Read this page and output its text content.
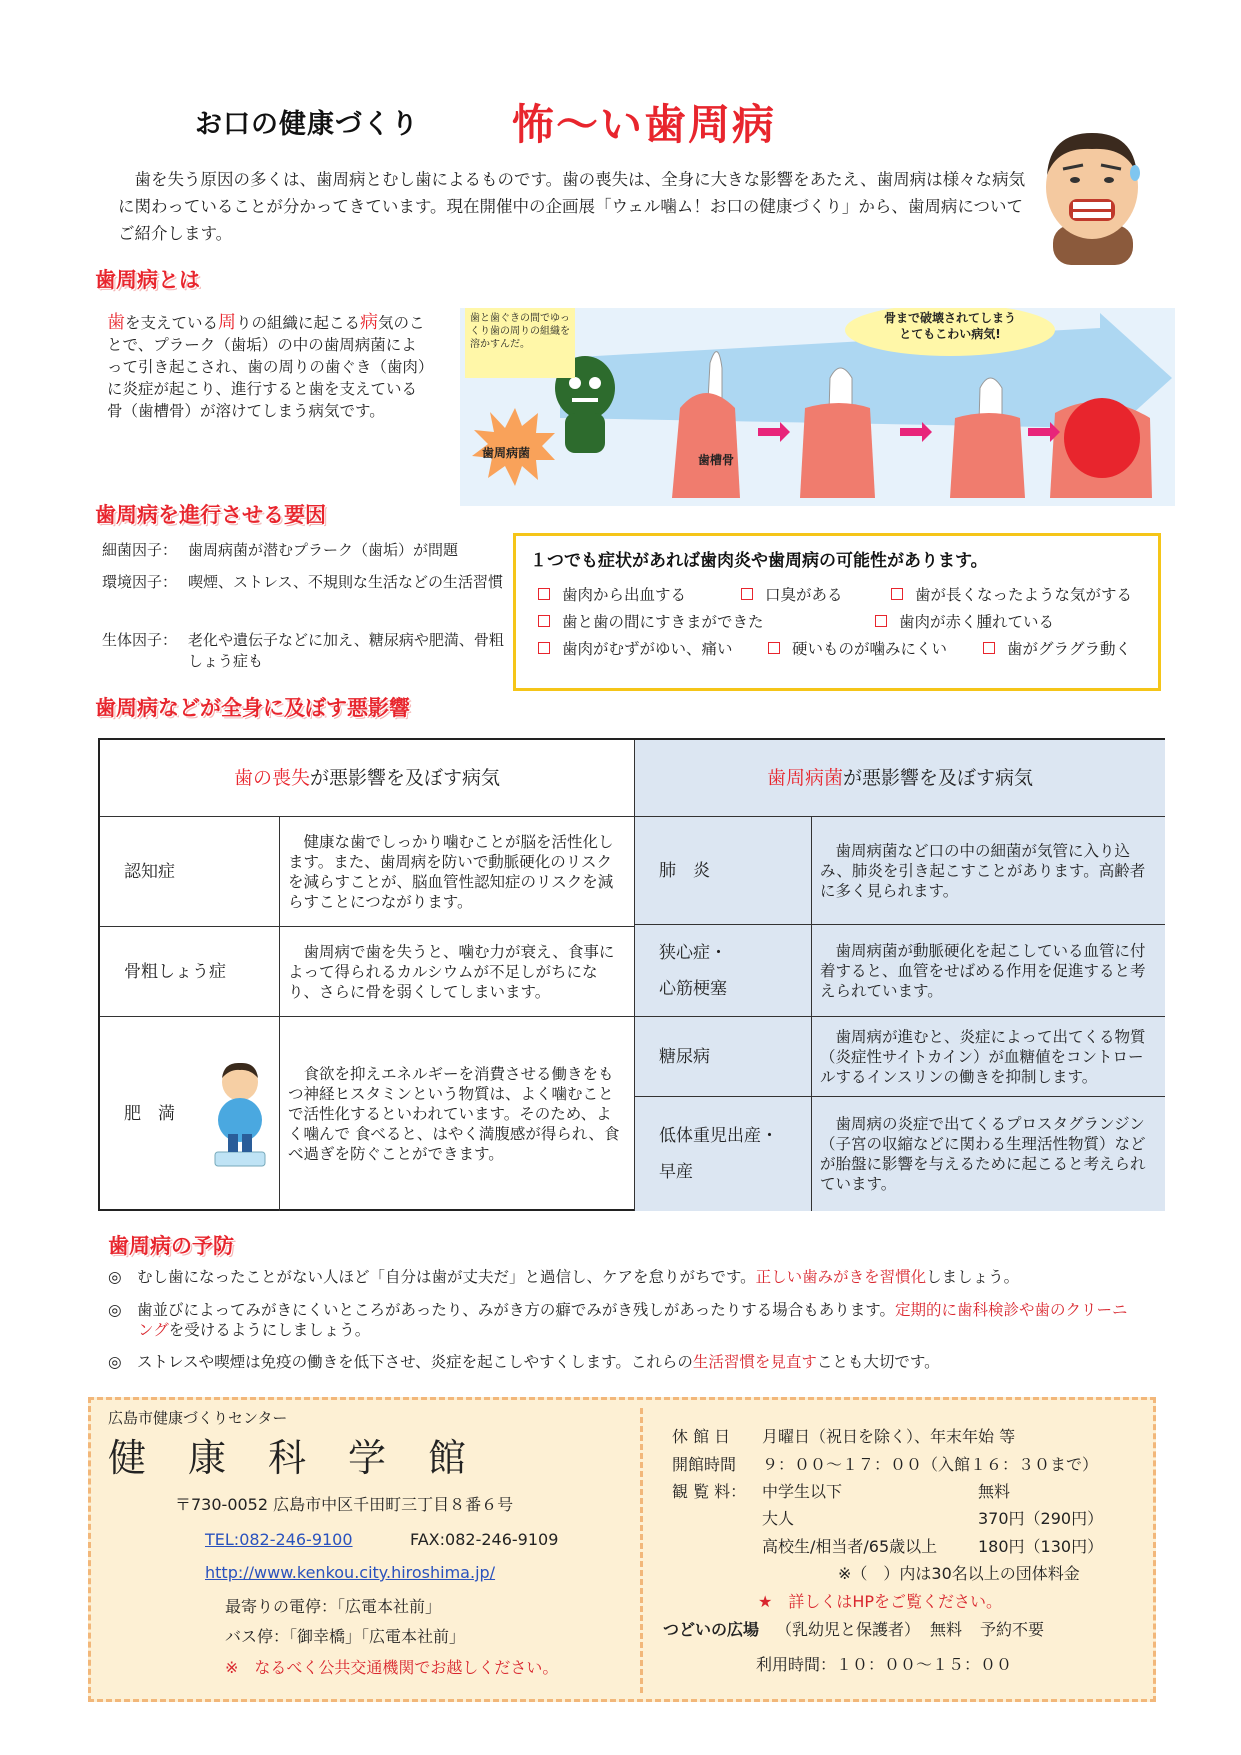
お口の健康づくり 怖～い歯周病
歯を失う原因の多くは、歯周病とむし歯によるものです。歯の喪失は、全身に大きな影響をあたえ、歯周病は様々な病気に関わっていることが分かってきています。現在開催中の企画展「ウェル噛ム！お口の健康づくり」から、歯周病についてご紹介します。
歯周病とは
歯を支えている周りの組織に起こる病気のことで、プラーク（歯垢）の中の歯周病菌によって引き起こされ、歯の周りの歯ぐき（歯肉）に炎症が起こり、進行すると歯を支えている骨（歯槽骨）が溶けてしまう病気です。
歯と歯ぐきの間でゆっくり歯の周りの組織を溶かすんだ。
骨まで破壊されてしまう
とてもこわい病気!
歯周病菌	歯槽骨
歯周病を進行させる要因
細菌因子： 歯周病菌が潜むプラーク（歯垢）が問題
環境因子： 喫煙、ストレス、不規則な生活などの生活習慣
生体因子： 老化や遺伝子などに加え、糖尿病や肥満、骨粗しょう症も
１つでも症状があれば歯肉炎や歯周病の可能性があります。
歯肉から出血する	口臭がある	歯が長くなったような気がする
歯と歯の間にすきまができた	歯肉が赤く腫れている
歯肉がむずがゆい、痛い	硬いものが噛みにくい	歯がグラグラ動く
歯周病などが全身に及ぼす悪影響
歯の喪失 が悪影響を及ぼす病気	歯周病菌 が悪影響を及ぼす病気
認知症
健康な歯でしっかり噛むことが脳を活性化します。また、歯周病を防いで動脈硬化のリスクを減らすことが、脳血管性認知症のリスクを減らすことにつながります。
骨粗しょう症
歯周病で歯を失うと、噛む力が衰え、食事によって得られるカルシウムが不足しがちになり、さらに骨を弱くしてしまいます。
肥　満
食欲を抑えエネルギーを消費させる働きをもつ神経ヒスタミンという物質は、よく噛むことで活性化するといわれています。そのため、よく噛んで 食べると、はやく満腹感が得られ、食べ過ぎを防ぐことができます。
肺　炎
歯周病菌など口の中の細菌が気管に入り込み、肺炎を引き起こすことがあります。高齢者に多く見られます。
狭心症・
心筋梗塞
歯周病菌が動脈硬化を起こしている血管に付着すると、血管をせばめる作用を促進すると考えられています。
糖尿病
歯周病が進むと、炎症によって出てくる物質（炎症性サイトカイン）が血糖値をコントロールするインスリンの働きを抑制します。
低体重児出産・
早産
歯周病の炎症で出てくるプロスタグランジン（子宮の収縮などに関わる生理活性物質）などが胎盤に影響を与えるために起こると考えられています。
歯周病の予防
◎　 むし歯になったことがない人ほど「自分は歯が丈夫だ」と過信し、ケアを怠りがちです。正しい歯みがきを習慣化しましょう。
◎　 歯並びによってみがきにくいところがあったり、みがき方の癖でみがき残しがあったりする場合もあります。定期的に歯科検診や歯のクリーニングを受けるようにしましょう。
◎　 ストレスや喫煙は免疫の働きを低下させ、炎症を起こしやすくします。これらの生活習慣を見直すことも大切です。
広島市健康づくりセンター
健　康　科　学　館
〒730-0052 広島市中区千田町三丁目８番６号
TEL:082-246-9100	FAX:082-246-9109
http://www.kenkou.city.hiroshima.jp/
最寄りの電停：「広電本社前」
バス停：「御幸橋」「広電本社前」
※　なるべく公共交通機関でお越しください。
休 館 日 月曜日（祝日を除く）、年末年始 等
開館時間 ９：００～１７：００（入館１６：３０まで）
観 覧 料： 中学生以下	無料
大人	370円（290円）
高校生/相当者/65歳以上	180円（130円）
※（　）内は30名以上の団体料金
★　詳しくはHPをご覧ください。
つどいの広場 （乳幼児と保護者） 無料 予約不要
利用時間：１０：００～１５：００
